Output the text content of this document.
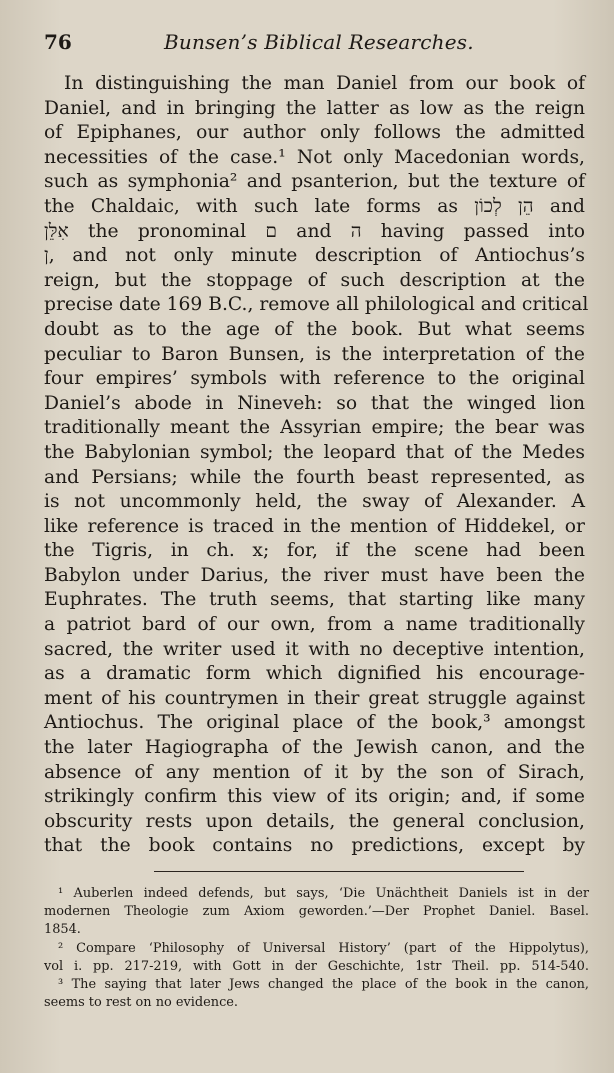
76	Bunsen’s Biblical Researches.
In distinguishing the man Daniel from our book of
Daniel, and in bringing the latter as low as the reign
of Epiphanes, our author only follows the admitted
necessities of the case.¹ Not only Macedonian words,
such as symphonia² and psanterion, but the texture of
the Chaldaic, with such late forms as הֵן לְכוֹן and
אִלֵּן the pronominal ם and ה having passed into
ן, and not only minute description of Antiochus’s
reign, but the stoppage of such description at the
precise date 169 B.C., remove all philological and critical
doubt as to the age of the book. But what seems
peculiar to Baron Bunsen, is the interpretation of the
four empires’ symbols with reference to the original
Daniel’s abode in Nineveh: so that the winged lion
traditionally meant the Assyrian empire; the bear was
the Babylonian symbol; the leopard that of the Medes
and Persians; while the fourth beast represented, as
is not uncommonly held, the sway of Alexander. A
like reference is traced in the mention of Hiddekel, or
the Tigris, in ch. x; for, if the scene had been
Babylon under Darius, the river must have been the
Euphrates. The truth seems, that starting like many
a patriot bard of our own, from a name traditionally
sacred, the writer used it with no deceptive intention,
as a dramatic form which dignified his encourage-
ment of his countrymen in their great struggle against
Antiochus. The original place of the book,³ amongst
the later Hagiographa of the Jewish canon, and the
absence of any mention of it by the son of Sirach,
strikingly confirm this view of its origin; and, if some
obscurity rests upon details, the general conclusion,
that the book contains no predictions, except by
¹ Auberlen indeed defends, but says, ‘Die Unächtheit Daniels ist in der
modernen Theologie zum Axiom geworden.’—Der Prophet Daniel. Basel.
1854.
² Compare ‘Philosophy of Universal History’ (part of the Hippolytus),
vol i. pp. 217-219, with Gott in der Geschichte, 1str Theil. pp. 514-540.
³ The saying that later Jews changed the place of the book in the canon,
seems to rest on no evidence.
